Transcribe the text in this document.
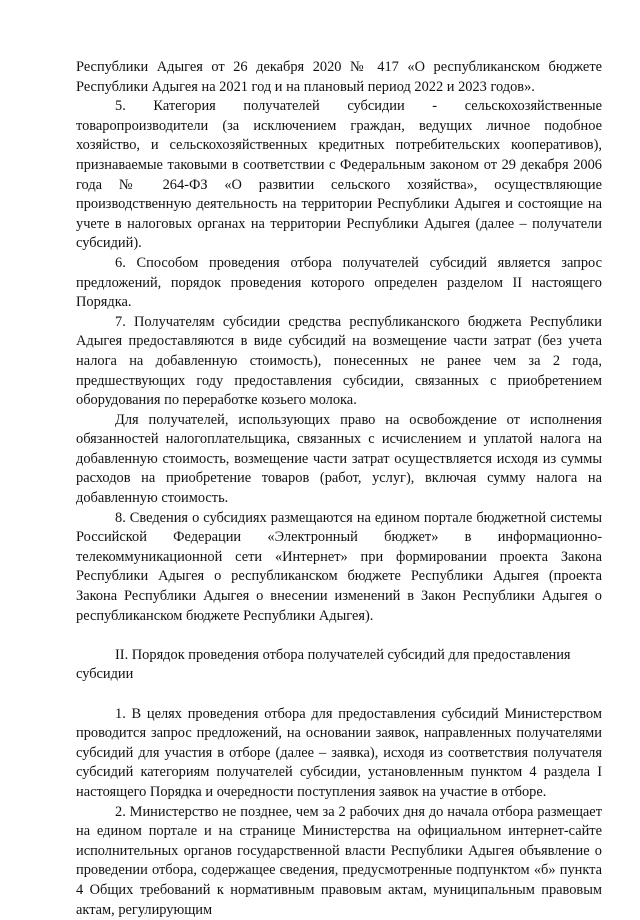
Республики Адыгея от 26 декабря 2020 № 417 «О республиканском бюджете Республики Адыгея на 2021 год и на плановый период 2022 и 2023 годов».

5. Категория получателей субсидии - сельскохозяйственные товаропроизводители (за исключением граждан, ведущих личное подобное хозяйство, и сельскохозяйственных кредитных потребительских кооперативов), признаваемые таковыми в соответствии с Федеральным законом от 29 декабря 2006 года № 264-ФЗ «О развитии сельского хозяйства», осуществляющие производственную деятельность на территории Республики Адыгея и состоящие на учете в налоговых органах на территории Республики Адыгея (далее – получатели субсидий).

6. Способом проведения отбора получателей субсидий является запрос предложений, порядок проведения которого определен разделом II настоящего Порядка.

7. Получателям субсидии средства республиканского бюджета Республики Адыгея предоставляются в виде субсидий на возмещение части затрат (без учета налога на добавленную стоимость), понесенных не ранее чем за 2 года, предшествующих году предоставления субсидии, связанных с приобретением оборудования по переработке козьего молока.

Для получателей, использующих право на освобождение от исполнения обязанностей налогоплательщика, связанных с исчислением и уплатой налога на добавленную стоимость, возмещение части затрат осуществляется исходя из суммы расходов на приобретение товаров (работ, услуг), включая сумму налога на добавленную стоимость.

8. Сведения о субсидиях размещаются на едином портале бюджетной системы Российской Федерации «Электронный бюджет» в информационно-телекоммуникационной сети «Интернет» при формировании проекта Закона Республики Адыгея о республиканском бюджете Республики Адыгея (проекта Закона Республики Адыгея о внесении изменений в Закон Республики Адыгея о республиканском бюджете Республики Адыгея).

II. Порядок проведения отбора получателей субсидий для предоставления субсидии

1. В целях проведения отбора для предоставления субсидий Министерством проводится запрос предложений, на основании заявок, направленных получателями субсидий для участия в отборе (далее – заявка), исходя из соответствия получателя субсидий категориям получателей субсидии, установленным пунктом 4 раздела I настоящего Порядка и очередности поступления заявок на участие в отборе.

2. Министерство не позднее, чем за 2 рабочих дня до начала отбора размещает на едином портале и на странице Министерства на официальном интернет-сайте исполнительных органов государственной власти Республики Адыгея объявление о проведении отбора, содержащее сведения, предусмотренные подпунктом «б» пункта 4 Общих требований к нормативным правовым актам, муниципальным правовым актам, регулирующим
